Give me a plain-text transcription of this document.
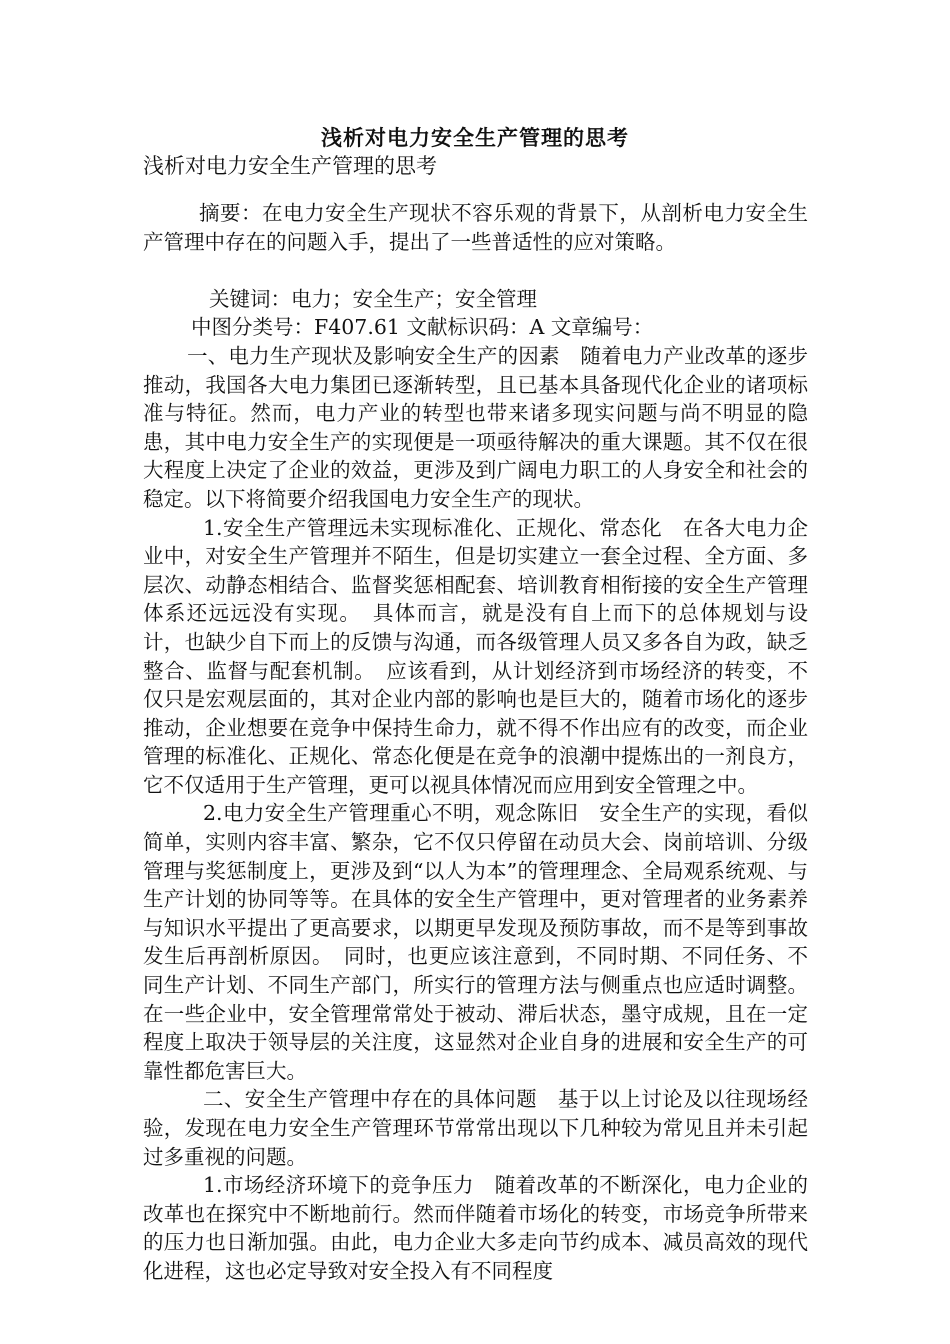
浅析对电力安全生产管理的思考
浅析对电力安全生产管理的思考

摘要：在电力安全生产现状不容乐观的背景下，从剖析电力安全生产管理中存在的问题入手，提出了一些普适性的应对策略。

关键词：电力；安全生产；安全管理

中图分类号：F407.61 文献标识码：A 文章编号：

一、电力生产现状及影响安全生产的因素　随着电力产业改革的逐步推动，我国各大电力集团已逐渐转型，且已基本具备现代化企业的诸项标准与特征。然而，电力产业的转型也带来诸多现实问题与尚不明显的隐患，其中电力安全生产的实现便是一项亟待解决的重大课题。其不仅在很大程度上决定了企业的效益，更涉及到广阔电力职工的人身安全和社会的稳定。以下将简要介绍我国电力安全生产的现状。

1.安全生产管理远未实现标准化、正规化、常态化　在各大电力企业中，对安全生产管理并不陌生，但是切实建立一套全过程、全方面、多层次、动静态相结合、监督奖惩相配套、培训教育相衔接的安全生产管理体系还远远没有实现。　具体而言，就是没有自上而下的总体规划与设计，也缺少自下而上的反馈与沟通，而各级管理人员又多各自为政，缺乏整合、监督与配套机制。　应该看到，从计划经济到市场经济的转变，不仅只是宏观层面的，其对企业内部的影响也是巨大的，随着市场化的逐步推动，企业想要在竞争中保持生命力，就不得不作出应有的改变，而企业管理的标准化、正规化、常态化便是在竞争的浪潮中提炼出的一剂良方，它不仅适用于生产管理，更可以视具体情况而应用到安全管理之中。

2.电力安全生产管理重心不明，观念陈旧　安全生产的实现，看似简单，实则内容丰富、繁杂，它不仅只停留在动员大会、岗前培训、分级管理与奖惩制度上，更涉及到“以人为本”的管理理念、全局观系统观、与生产计划的协同等等。在具体的安全生产管理中，更对管理者的业务素养与知识水平提出了更高要求，以期更早发现及预防事故，而不是等到事故发生后再剖析原因。　同时，也更应该注意到，不同时期、不同任务、不同生产计划、不同生产部门，所实行的管理方法与侧重点也应适时调整。在一些企业中，安全管理常常处于被动、滞后状态，墨守成规，且在一定程度上取决于领导层的关注度，这显然对企业自身的进展和安全生产的可靠性都危害巨大。

二、安全生产管理中存在的具体问题　基于以上讨论及以往现场经验，发现在电力安全生产管理环节常常出现以下几种较为常见且并未引起过多重视的问题。

1.市场经济环境下的竞争压力　随着改革的不断深化，电力企业的改革也在探究中不断地前行。然而伴随着市场化的转变，市场竞争所带来的压力也日渐加强。由此，电力企业大多走向节约成本、减员高效的现代化进程，这也必定导致对安全投入有不同程度
